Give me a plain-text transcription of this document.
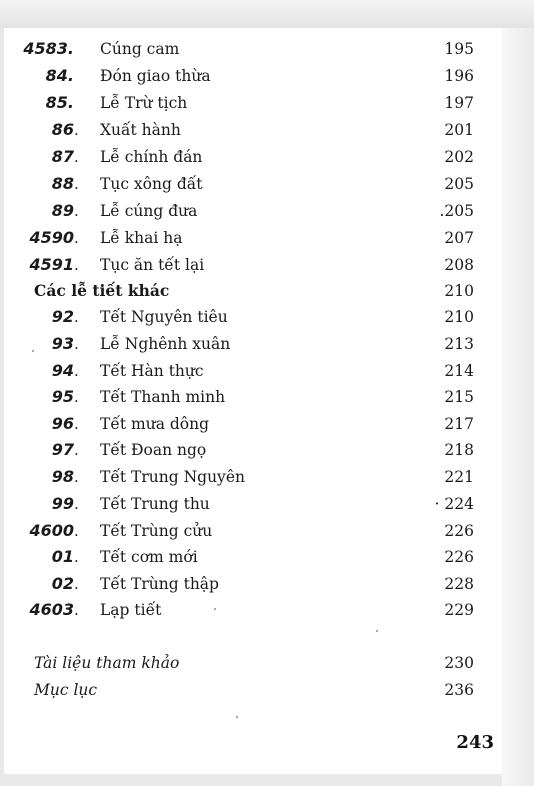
4583. Cúng cam	195
84. Đón giao thừa	196
85. Lễ Trừ tịch	197
86 . Xuất hành	201
87 . Lễ chính đán	202
88 . Tục xông đất	205
89 . Lễ cúng đưa	.205
4590 . Lễ khai hạ	207
4591 . Tục ăn tết lại	208
Các lễ tiết khác	210
92 . Tết Nguyên tiêu	210
93 . Lễ Nghênh xuân	213
94 . Tết Hàn thực	214
95 . Tết Thanh minh	215
96 . Tết mưa dông	217
97 . Tết Đoan ngọ	218
98 . Tết Trung Nguyên	221
99 . Tết Trung thu	· 224
4600 . Tết Trùng cửu	226
01 . Tết cơm mới	226
02 . Tết Trùng thập	228
4603 . Lạp tiết	229
Tài liệu tham khảo	230
Mục lục	236
243
